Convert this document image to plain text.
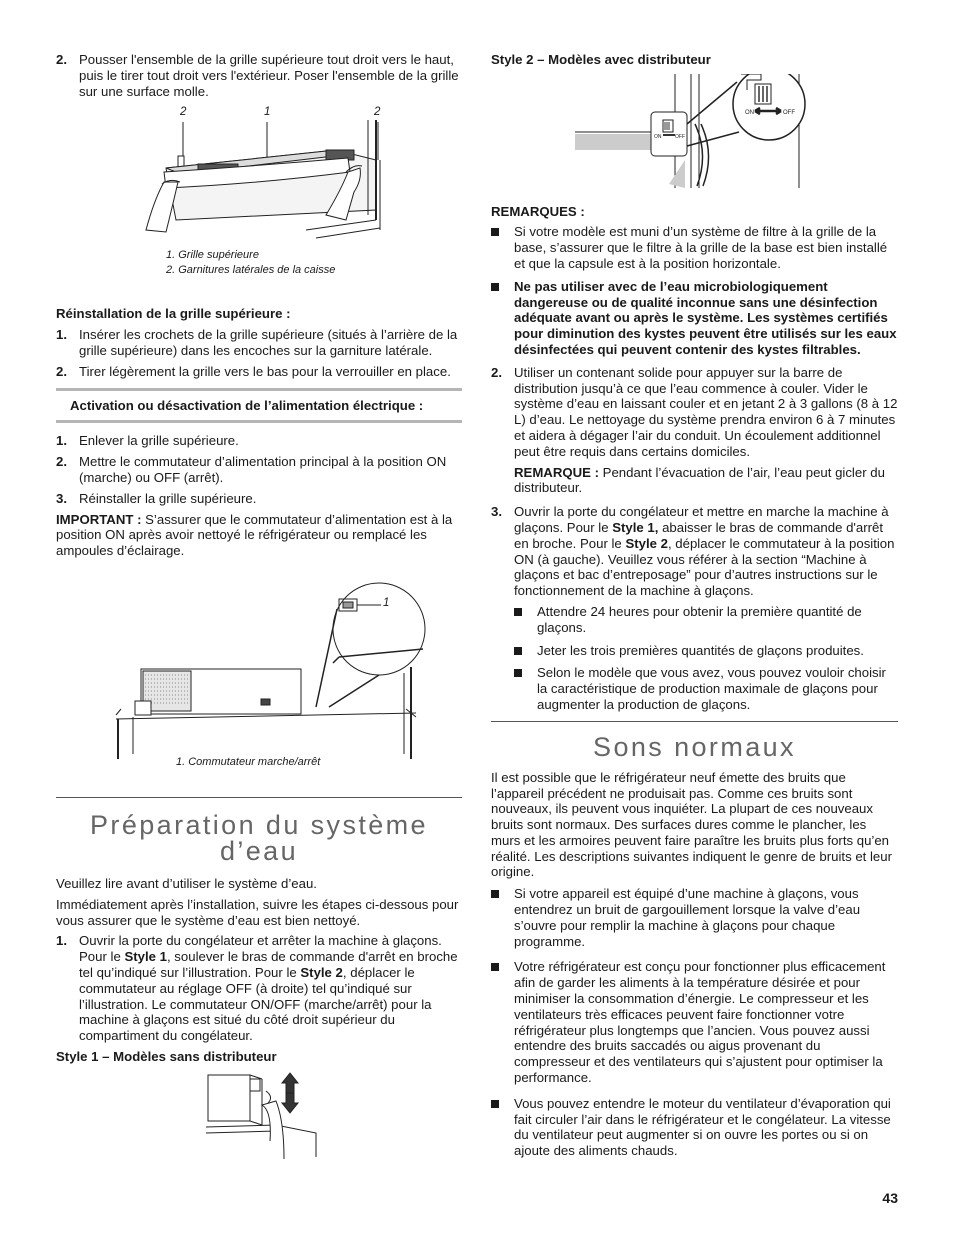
2. Pousser l'ensemble de la grille supérieure tout droit vers le haut, puis le tirer tout droit vers l'extérieur. Poser l'ensemble de la grille sur une surface molle.

2	1	2
1. Grille supérieure
2. Garnitures latérales de la caisse

Réinstallation de la grille supérieure :

1. Insérer les crochets de la grille supérieure (situés à l’arrière de la grille supérieure) dans les encoches sur la garniture latérale.

2. Tirer légèrement la grille vers le bas pour la verrouiller en place.

Activation ou désactivation de l’alimentation électrique :
1. Enlever la grille supérieure.

2. Mettre le commutateur d’alimentation principal à la position ON (marche) ou OFF (arrêt).

3. Réinstaller la grille supérieure.

IMPORTANT : S’assurer que le commutateur d’alimentation est à la position ON après avoir nettoyé le réfrigérateur ou remplacé les ampoules d’éclairage.

1
1. Commutateur marche/arrêt
Préparation du système
d’eau

Veuillez lire avant d’utiliser le système d’eau.

Immédiatement après l’installation, suivre les étapes ci-dessous pour vous assurer que le système d’eau est bien nettoyé.

1. Ouvrir la porte du congélateur et arrêter la machine à glaçons. Pour le Style 1, soulever le bras de commande d'arrêt en broche tel qu’indiqué sur l’illustration. Pour le Style 2, déplacer le commutateur au réglage OFF (à droite) tel qu’indiqué sur l’illustration. Le commutateur ON/OFF (marche/arrêt) pour la machine à glaçons est situé du côté droit supérieur du compartiment du congélateur.

Style 1 – Modèles sans distributeur

Style 2 – Modèles avec distributeur

ON	OFF
ON	OFF

REMARQUES :

Si votre modèle est muni d’un système de filtre à la grille de la base, s’assurer que le filtre à la grille de la base est bien installé et que la capsule est à la position horizontale.

Ne pas utiliser avec de l’eau microbiologiquement dangereuse ou de qualité inconnue sans une désinfection adéquate avant ou après le système. Les systèmes certifiés pour diminution des kystes peuvent être utilisés sur les eaux désinfectées qui peuvent contenir des kystes filtrables.

2. Utiliser un contenant solide pour appuyer sur la barre de distribution jusqu’à ce que l’eau commence à couler. Vider le système d’eau en laissant couler et en jetant 2 à 3 gallons (8 à 12 L) d’eau. Le nettoyage du système prendra environ 6 à 7 minutes et aidera à dégager l’air du conduit. Un écoulement additionnel peut être requis dans certains domiciles.

REMARQUE : Pendant l’évacuation de l’air, l’eau peut gicler du distributeur.

3. Ouvrir la porte du congélateur et mettre en marche la machine à glaçons. Pour le Style 1, abaisser le bras de commande d'arrêt en broche. Pour le Style 2, déplacer le commutateur à la position ON (à gauche). Veuillez vous référer à la section “Machine à glaçons et bac d’entreposage” pour d’autres instructions sur le fonctionnement de la machine à glaçons.

Attendre 24 heures pour obtenir la première quantité de glaçons.

Jeter les trois premières quantités de glaçons produites.

Selon le modèle que vous avez, vous pouvez vouloir choisir la caractéristique de production maximale de glaçons pour augmenter la production de glaçons.

Sons normaux

Il est possible que le réfrigérateur neuf émette des bruits que l’appareil précédent ne produisait pas. Comme ces bruits sont nouveaux, ils peuvent vous inquiéter. La plupart de ces nouveaux bruits sont normaux. Des surfaces dures comme le plancher, les murs et les armoires peuvent faire paraître les bruits plus forts qu’en réalité. Les descriptions suivantes indiquent le genre de bruits et leur origine.

Si votre appareil est équipé d’une machine à glaçons, vous entendrez un bruit de gargouillement lorsque la valve d’eau s’ouvre pour remplir la machine à glaçons pour chaque programme.

Votre réfrigérateur est conçu pour fonctionner plus efficacement afin de garder les aliments à la température désirée et pour minimiser la consommation d’énergie. Le compresseur et les ventilateurs très efficaces peuvent faire fonctionner votre réfrigérateur plus longtemps que l’ancien. Vous pouvez aussi entendre des bruits saccadés ou aigus provenant du compresseur et des ventilateurs qui s’ajustent pour optimiser la performance.

Vous pouvez entendre le moteur du ventilateur d’évaporation qui fait circuler l’air dans le réfrigérateur et le congélateur. La vitesse du ventilateur peut augmenter si on ouvre les portes ou si on ajoute des aliments chauds.

43
